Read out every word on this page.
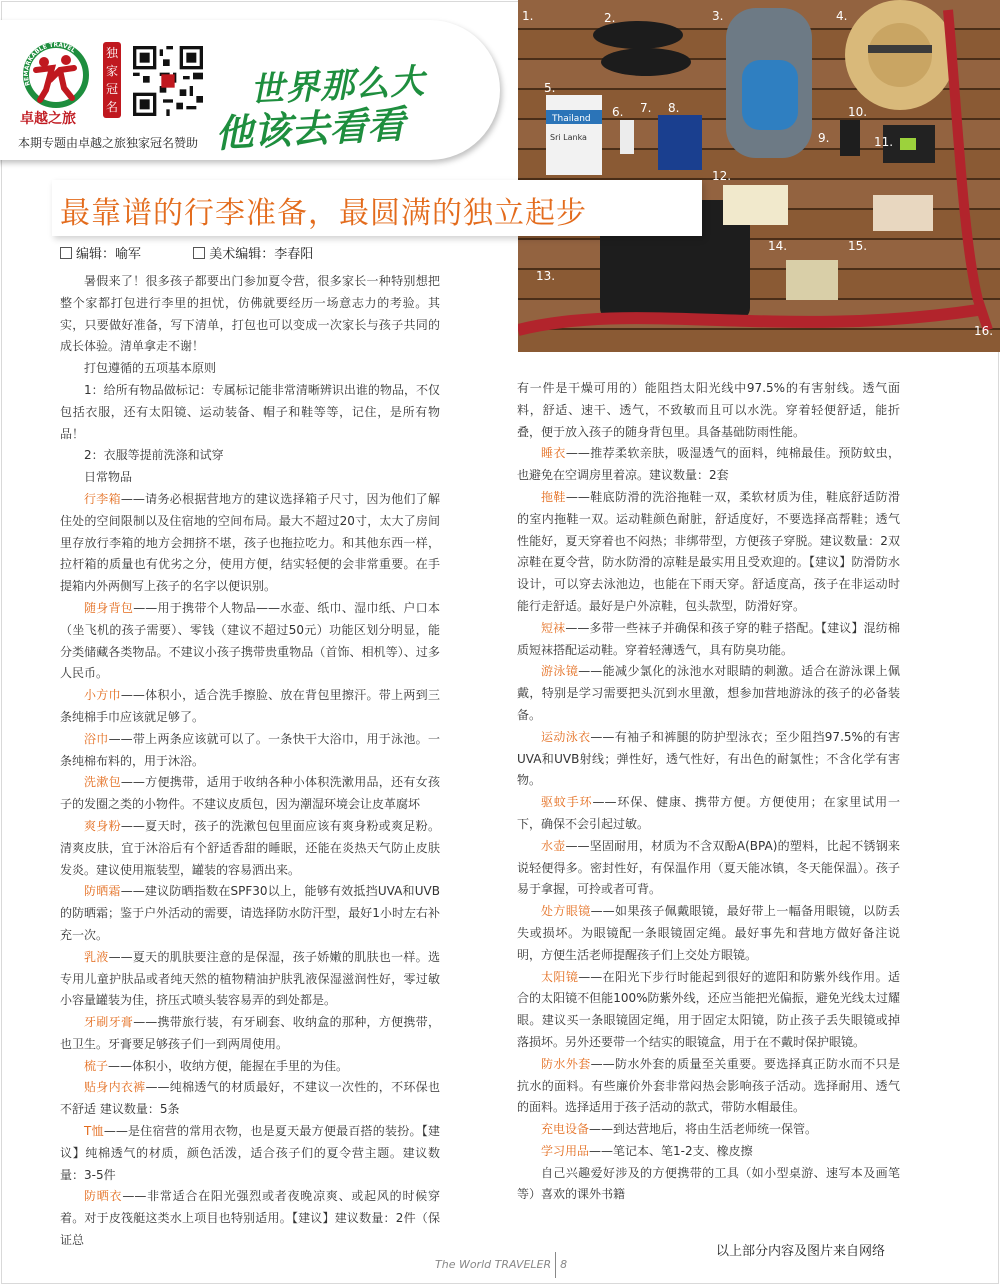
REMARKABLE TRAVEL
卓越之旅
独家冠名	世界那么大
他该去看看
本期专题由卓越之旅独家冠名赞助
Thailand
Sri Lanka
1.	2.	3.	4.
5.
6. 7. 8.
9.
10.
11.
12.
13.
14.	15.
16.
最靠谱的行李准备，最圆满的独立起步
编辑：喻军	美术编辑：李春阳

暑假来了！很多孩子都要出门参加夏令营，很多家长一种特别想把整个家都打包进行李里的担忧，仿佛就要经历一场意志力的考验。其实，只要做好准备，写下清单，打包也可以变成一次家长与孩子共同的成长体验。清单拿走不谢！

打包遵循的五项基本原则

1：给所有物品做标记：专属标记能非常清晰辨识出谁的物品，不仅包括衣服，还有太阳镜、运动装备、帽子和鞋等等，记住，是所有物品！

2：衣服等提前洗涤和试穿

日常物品

行李箱——请务必根据营地方的建议选择箱子尺寸，因为他们了解住处的空间限制以及住宿地的空间布局。最大不超过20寸，太大了房间里存放行李箱的地方会拥挤不堪，孩子也拖拉吃力。和其他东西一样，拉杆箱的质量也有优劣之分，使用方便，结实轻便的会非常重要。在手提箱内外两侧写上孩子的名字以便识别。

随身背包——用于携带个人物品——水壶、纸巾、湿巾纸、户口本（坐飞机的孩子需要）、零钱（建议不超过50元）功能区划分明显，能分类储藏各类物品。不建议小孩子携带贵重物品（首饰、相机等）、过多人民币。

小方巾——体积小，适合洗手擦脸、放在背包里擦汗。带上两到三条纯棉手巾应该就足够了。

浴巾——带上两条应该就可以了。一条快干大浴巾，用于泳池。一条纯棉布料的，用于沐浴。

洗漱包——方便携带，适用于收纳各种小体积洗漱用品，还有女孩子的发圈之类的小物件。不建议皮质包，因为潮湿环境会让皮革腐坏

爽身粉——夏天时，孩子的洗漱包包里面应该有爽身粉或爽足粉。清爽皮肤，宜于沐浴后有个舒适香甜的睡眠，还能在炎热天气防止皮肤发炎。建议使用瓶装型，罐装的容易洒出来。

防晒霜——建议防晒指数在SPF30以上，能够有效抵挡UVA和UVB的防晒霜；鉴于户外活动的需要，请选择防水防汗型，最好1小时左右补充一次。

乳液——夏天的肌肤要注意的是保湿，孩子娇嫩的肌肤也一样。选专用儿童护肤品或者纯天然的植物精油护肤乳液保湿滋润性好，零过敏小容量罐装为佳，挤压式喷头装容易弄的到处都是。

牙刷牙膏——携带旅行装，有牙刷套、收纳盒的那种，方便携带，也卫生。牙膏要足够孩子们一到两周使用。

梳子——体积小，收纳方便，能握在手里的为佳。

贴身内衣裤——纯棉透气的材质最好，不建议一次性的，不环保也不舒适 建议数量：5条

T恤——是住宿营的常用衣物，也是夏天最方便最百搭的装扮。【建议】纯棉透气的材质，颜色活泼，适合孩子们的夏令营主题。建议数量：3-5件

防晒衣——非常适合在阳光强烈或者夜晚凉爽、或起风的时候穿着。对于皮筏艇这类水上项目也特别适用。【建议】建议数量：2件（保证总

有一件是干燥可用的）能阻挡太阳光线中97.5%的有害射线。透气面料，舒适、速干、透气，不致敏而且可以水洗。穿着轻便舒适，能折叠，便于放入孩子的随身背包里。具备基础防雨性能。

睡衣——推荐柔软亲肤，吸湿透气的面料，纯棉最佳。预防蚊虫，也避免在空调房里着凉。建议数量：2套

拖鞋——鞋底防滑的洗浴拖鞋一双，柔软材质为佳，鞋底舒适防滑的室内拖鞋一双。运动鞋颜色耐脏，舒适度好，不要选择高帮鞋；透气性能好，夏天穿着也不闷热；非绑带型，方便孩子穿脱。建议数量：2双 凉鞋在夏令营，防水防滑的凉鞋是最实用且受欢迎的。【建议】防滑防水设计，可以穿去泳池边，也能在下雨天穿。舒适度高，孩子在非运动时能行走舒适。最好是户外凉鞋，包头款型，防滑好穿。

短袜——多带一些袜子并确保和孩子穿的鞋子搭配。【建议】混纺棉质短袜搭配运动鞋。穿着轻薄透气，具有防臭功能。

游泳镜——能减少氯化的泳池水对眼睛的刺激。适合在游泳课上佩戴，特别是学习需要把头沉到水里激，想参加营地游泳的孩子的必备装备。

运动泳衣——有袖子和裤腿的防护型泳衣；至少阻挡97.5%的有害UVA和UVB射线；弹性好，透气性好，有出色的耐氯性；不含化学有害物。

驱蚊手环——环保、健康、携带方便。方便使用；在家里试用一下，确保不会引起过敏。

水壶——坚固耐用，材质为不含双酚A(BPA)的塑料，比起不锈钢来说轻便得多。密封性好，有保温作用（夏天能冰镇，冬天能保温）。孩子易于拿握，可拎或者可背。

处方眼镜——如果孩子佩戴眼镜，最好带上一幅备用眼镜，以防丢失或损坏。为眼镜配一条眼镜固定绳。最好事先和营地方做好备注说明，方便生活老师提醒孩子们上交处方眼镜。

太阳镜——在阳光下步行时能起到很好的遮阳和防紫外线作用。适合的太阳镜不但能100%防紫外线，还应当能把光偏振，避免光线太过耀眼。建议买一条眼镜固定绳，用于固定太阳镜，防止孩子丢失眼镜或掉落损坏。另外还要带一个结实的眼镜盒，用于在不戴时保护眼镜。

防水外套——防水外套的质量至关重要。要选择真正防水而不只是抗水的面料。有些廉价外套非常闷热会影响孩子活动。选择耐用、透气的面料。选择适用于孩子活动的款式，带防水帽最佳。

充电设备——到达营地后，将由生活老师统一保管。

学习用品——笔记本、笔1-2支、橡皮擦

自己兴趣爱好涉及的方便携带的工具（如小型桌游、速写本及画笔等）喜欢的课外书籍

The World TRAVELER 8
以上部分内容及图片来自网络
